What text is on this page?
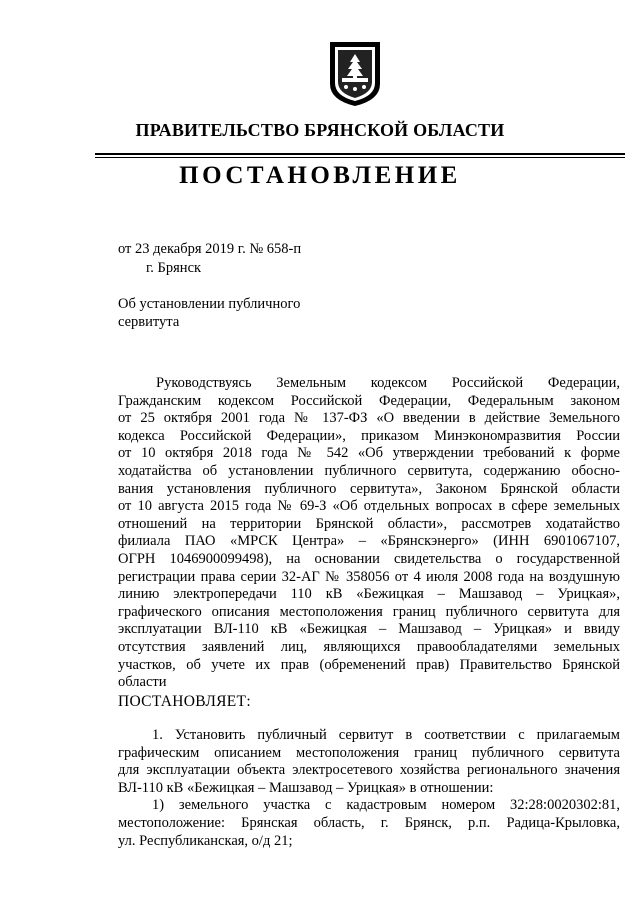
ПРАВИТЕЛЬСТВО БРЯНСКОЙ ОБЛАСТИ
ПОСТАНОВЛЕНИЕ
от 23 декабря 2019 г. № 658-п
г. Брянск
Об установлении публичного
сервитута

Руководствуясь Земельным кодексом Российской Федерации,

Гражданским кодексом Российской Федерации, Федеральным законом

от 25 октября 2001 года № 137-ФЗ «О введении в действие Земельного

кодекса Российской Федерации», приказом Минэкономразвития России

от 10 октября 2018 года № 542 «Об утверждении требований к форме

ходатайства об установлении публичного сервитута, содержанию обосно-

вания установления публичного сервитута», Законом Брянской области

от 10 августа 2015 года № 69-З «Об отдельных вопросах в сфере земельных

отношений на территории Брянской области», рассмотрев ходатайство

филиала ПАО «МРСК Центра» – «Брянскэнерго» (ИНН 6901067107,

ОГРН 1046900099498), на основании свидетельства о государственной

регистрации права серии 32-АГ № 358056 от 4 июля 2008 года на воздушную

линию электропередачи 110 кВ «Бежицкая – Машзавод – Урицкая»,

графического описания местоположения границ публичного сервитута для

эксплуатации ВЛ-110 кВ «Бежицкая – Машзавод – Урицкая» и ввиду

отсутствия заявлений лиц, являющихся правообладателями земельных

участков, об учете их прав (обременений прав) Правительство Брянской

области

ПОСТАНОВЛЯЕТ:

1. Установить публичный сервитут в соответствии с прилагаемым

графическим описанием местоположения границ публичного сервитута

для эксплуатации объекта электросетевого хозяйства регионального значения

ВЛ-110 кВ «Бежицкая – Машзавод – Урицкая» в отношении:

1) земельного участка с кадастровым номером 32:28:0020302:81,

местоположение: Брянская область, г. Брянск, р.п. Радица-Крыловка,

ул. Республиканская, о/д 21;
